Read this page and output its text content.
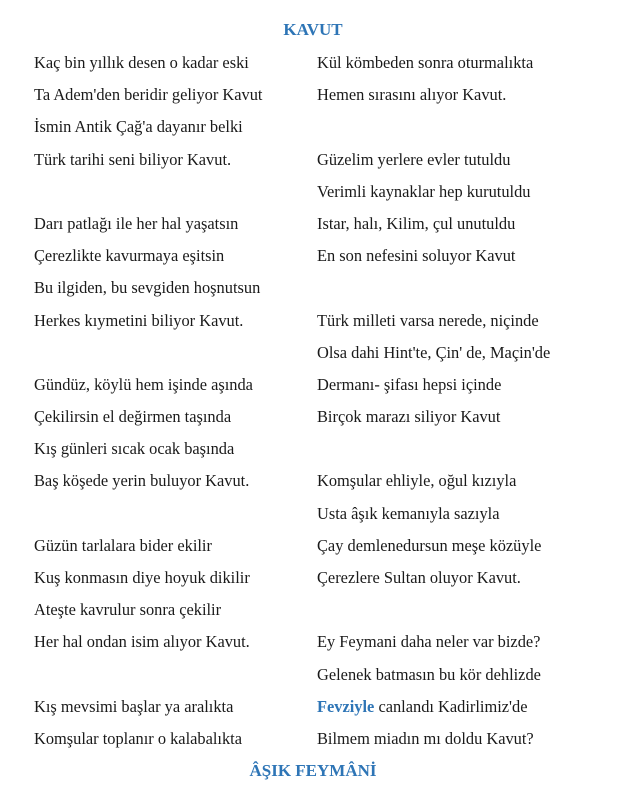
KAVUT
Kaç bin yıllık desen o kadar eski
Ta Adem'den beridir geliyor Kavut
İsmin Antik Çağ'a dayanır belki
Türk tarihi seni biliyor Kavut.
Darı patlağı ile her hal yaşatsın
Çerezlikte kavurmaya eşitsin
Bu ilgiden, bu sevgiden hoşnutsun
Herkes kıymetini biliyor Kavut.
Gündüz, köylü hem işinde aşında
Çekilirsin el değirmen taşında
Kış günleri sıcak ocak başında
Baş köşede yerin buluyor Kavut.
Güzün tarlalara bider ekilir
Kuş konmasın diye hoyuk dikilir
Ateşte kavrulur sonra çekilir
Her hal ondan isim alıyor Kavut.
Kış mevsimi başlar ya aralıkta
Komşular toplanır o kalabalıkta
Kül kömbeden sonra oturmalıkta
Hemen sırasını alıyor Kavut.
Güzelim yerlere evler tutuldu
Verimli kaynaklar hep kurutuldu
Istar, halı, Kilim, çul unutuldu
En son nefesini soluyor Kavut
Türk milleti varsa nerede, niçinde
Olsa dahi Hint'te, Çin' de, Maçin'de
Dermanı- şifası hepsi içinde
Birçok marazı siliyor Kavut
Komşular ehliyle, oğul kızıyla
Usta âşık kemanıyla sazıyla
Çay demlenedursun meşe közüyle
Çerezlere Sultan oluyor Kavut.
Ey Feymani daha neler var bizde?
Gelenek batmasın bu kör dehlizde
Fevziyle canlandı Kadirlimiz'de
Bilmem miadın mı doldu Kavut?
ÂŞIK FEYMÂNİ
